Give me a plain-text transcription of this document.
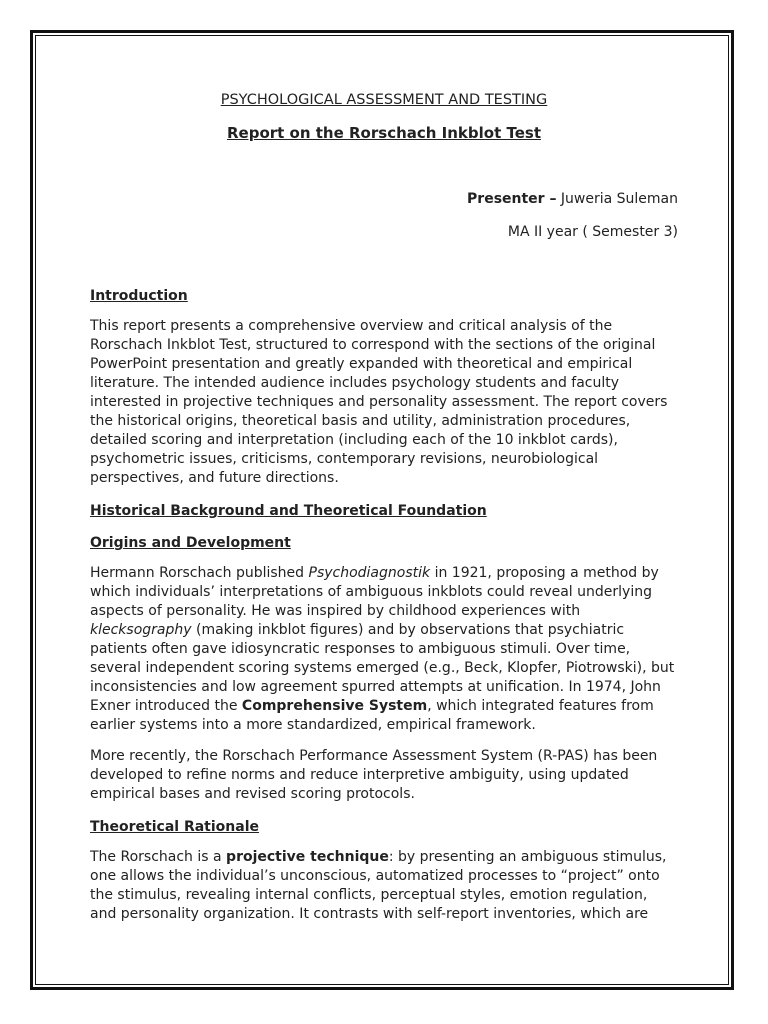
PSYCHOLOGICAL ASSESSMENT AND TESTING

Report on the Rorschach Inkblot Test

Presenter – Juweria Suleman

MA II year ( Semester 3)

Introduction

This report presents a comprehensive overview and critical analysis of the Rorschach Inkblot Test, structured to correspond with the sections of the original PowerPoint presentation and greatly expanded with theoretical and empirical literature. The intended audience includes psychology students and faculty interested in projective techniques and personality assessment. The report covers the historical origins, theoretical basis and utility, administration procedures, detailed scoring and interpretation (including each of the 10 inkblot cards), psychometric issues, criticisms, contemporary revisions, neurobiological perspectives, and future directions.

Historical Background and Theoretical Foundation

Origins and Development

Hermann Rorschach published Psychodiagnostik in 1921, proposing a method by which individuals’ interpretations of ambiguous inkblots could reveal underlying aspects of personality. He was inspired by childhood experiences with klecksography (making inkblot figures) and by observations that psychiatric patients often gave idiosyncratic responses to ambiguous stimuli. Over time, several independent scoring systems emerged (e.g., Beck, Klopfer, Piotrowski), but inconsistencies and low agreement spurred attempts at unification. In 1974, John Exner introduced the Comprehensive System, which integrated features from earlier systems into a more standardized, empirical framework.

More recently, the Rorschach Performance Assessment System (R-PAS) has been developed to refine norms and reduce interpretive ambiguity, using updated empirical bases and revised scoring protocols.

Theoretical Rationale

The Rorschach is a projective technique: by presenting an ambiguous stimulus, one allows the individual’s unconscious, automatized processes to “project” onto the stimulus, revealing internal conflicts, perceptual styles, emotion regulation, and personality organization. It contrasts with self-report inventories, which are
